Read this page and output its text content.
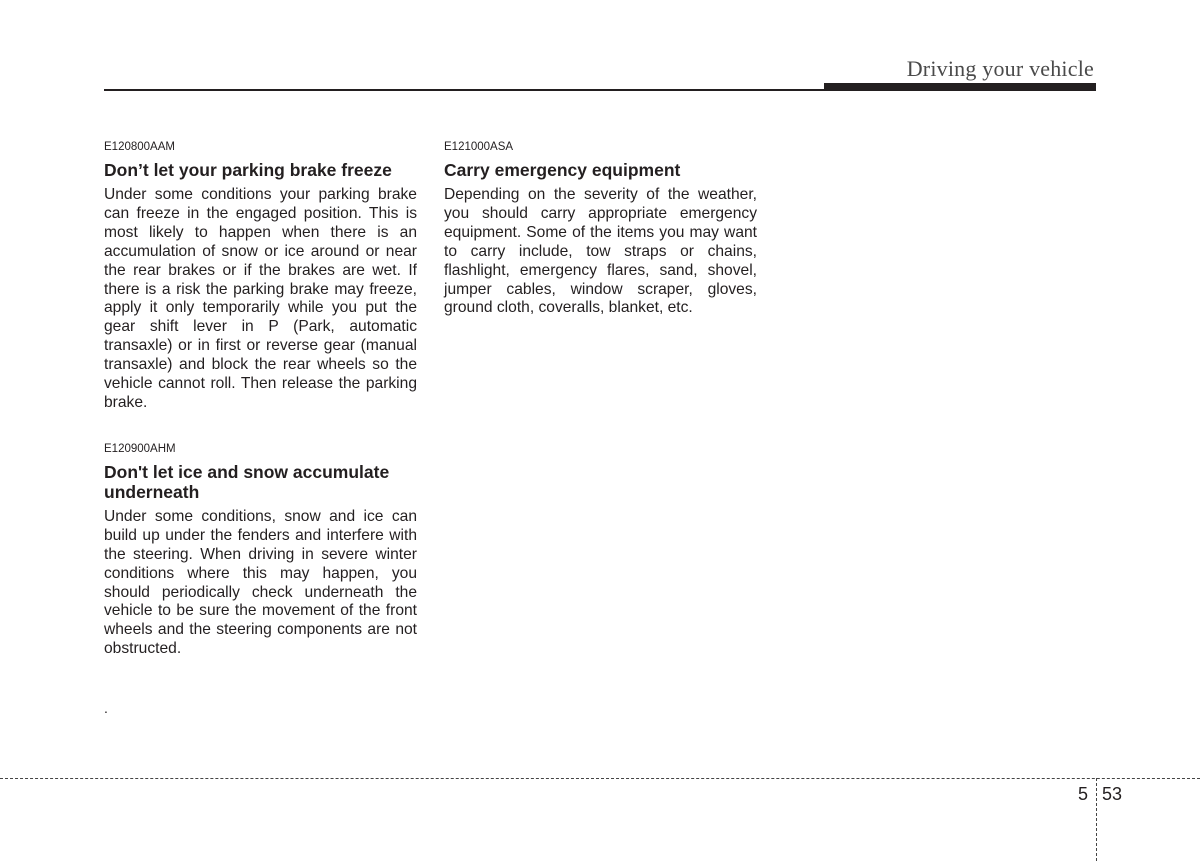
Driving your vehicle

E120800AAM

Don’t let your parking brake freeze

Under some conditions your parking brake can freeze in the engaged position. This is most likely to happen when there is an accumulation of snow or ice around or near the rear brakes or if the brakes are wet. If there is a risk the parking brake may freeze, apply it only temporarily while you put the gear shift lever in P (Park, automatic transaxle) or in first or reverse gear (manual transaxle) and block the rear wheels so the vehicle cannot roll. Then release the parking brake.

E120900AHM

Don't let ice and snow accumulate underneath

Under some conditions, snow and ice can build up under the fenders and interfere with the steering. When driving in severe winter conditions where this may happen, you should periodically check underneath the vehicle to be sure the movement of the front wheels and the steering components are not obstructed.

.

E121000ASA

Carry emergency equipment

Depending on the severity of the weather, you should carry appropriate emergency equipment. Some of the items you may want to carry include, tow straps or chains, flashlight, emergency flares, sand, shovel, jumper cables, window scraper, gloves, ground cloth, coveralls, blanket, etc.

5 53
